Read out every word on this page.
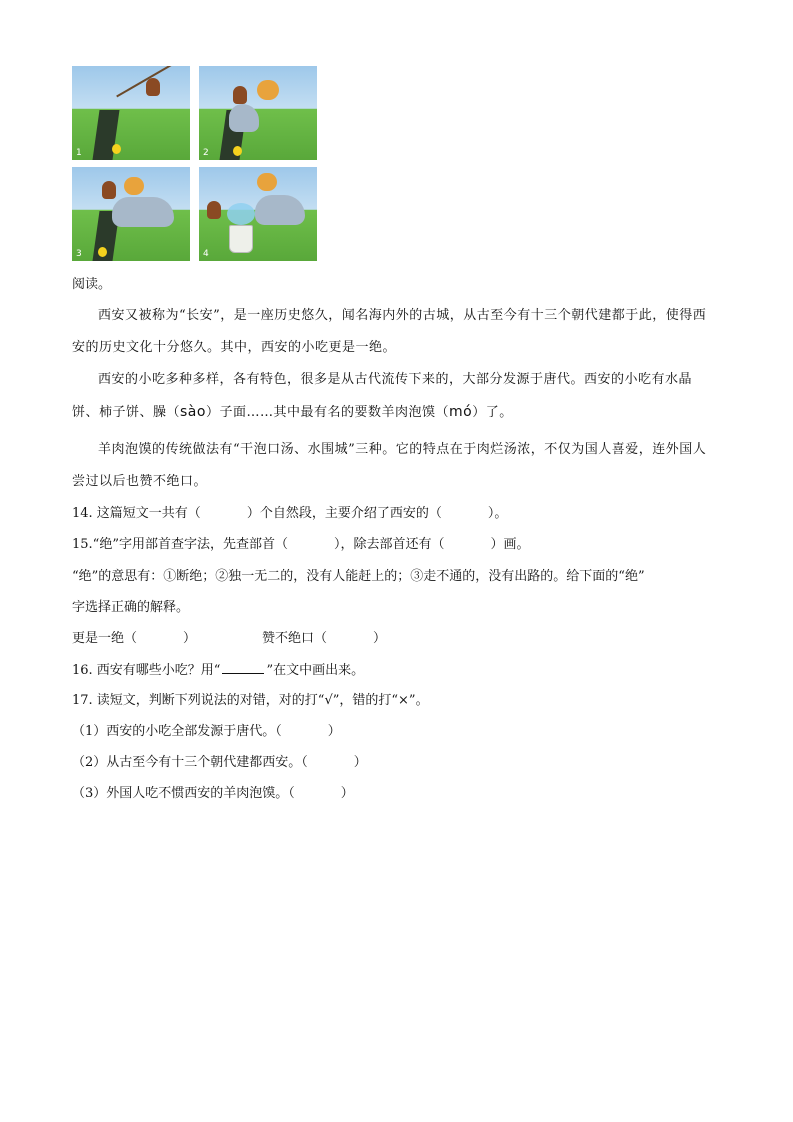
1	2
3	4
阅读。
西安又被称为“长安”，是一座历史悠久，闻名海内外的古城，从古至今有十三个朝代建都于此，使得西安的历史文化十分悠久。其中，西安的小吃更是一绝。
西安的小吃多种多样，各有特色，很多是从古代流传下来的，大部分发源于唐代。西安的小吃有水晶饼、柿子饼、臊（sào）子面……其中最有名的要数羊肉泡馍（mó）了。
羊肉泡馍的传统做法有“干泡口汤、水围城”三种。它的特点在于肉烂汤浓，不仅为国人喜爱，连外国人尝过以后也赞不绝口。
14. 这篇短文一共有（	）个自然段，主要介绍了西安的（	）。
15.“绝”字用部首查字法，先查部首（	），除去部首还有（	）画。
“绝”的意思有：①断绝；②独一无二的，没有人能赶上的；③走不通的，没有出路的。给下面的“绝”
字选择正确的解释。
更是一绝（	）	赞不绝口（	）
16. 西安有哪些小吃？用“	”在文中画出来。
17. 读短文，判断下列说法的对错，对的打“√”，错的打“×”。
（1）西安的小吃全部发源于唐代。（	）
（2）从古至今有十三个朝代建都西安。（	）
（3）外国人吃不惯西安的羊肉泡馍。（	）
